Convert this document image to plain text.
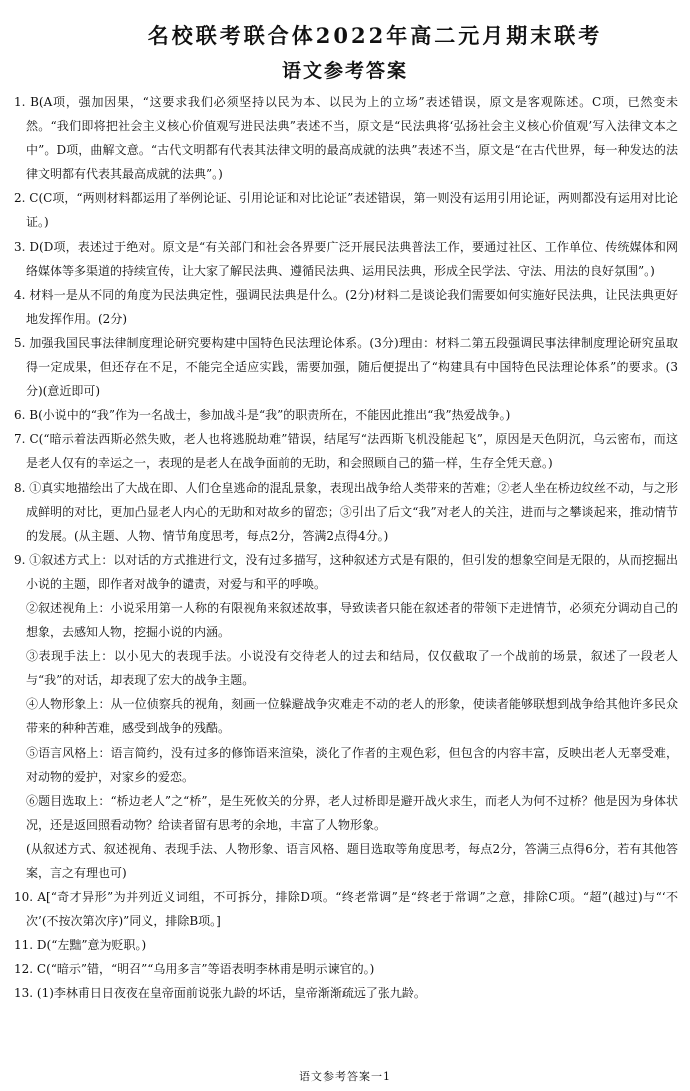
名校联考联合体2022年高二元月期末联考
语文参考答案

1. B(A项，强加因果，“这要求我们必须坚持以民为本、以民为上的立场”表述错误，原文是客观陈述。C项，已然变未然。“我们即将把社会主义核心价值观写进民法典”表述不当，原文是“民法典将‘弘扬社会主义核心价值观’写入法律文本之中”。D项，曲解文意。“古代文明都有代表其法律文明的最高成就的法典”表述不当，原文是“在古代世界，每一种发达的法律文明都有代表其最高成就的法典”。)

2. C(C项，“两则材料都运用了举例论证、引用论证和对比论证”表述错误，第一则没有运用引用论证，两则都没有运用对比论证。)

3. D(D项，表述过于绝对。原文是“有关部门和社会各界要广泛开展民法典普法工作，要通过社区、工作单位、传统媒体和网络媒体等多渠道的持续宣传，让大家了解民法典、遵循民法典、运用民法典，形成全民学法、守法、用法的良好氛围”。)

4. 材料一是从不同的角度为民法典定性，强调民法典是什么。(2分)材料二是谈论我们需要如何实施好民法典，让民法典更好地发挥作用。(2分)

5. 加强我国民事法律制度理论研究要构建中国特色民法理论体系。(3分)理由：材料二第五段强调民事法律制度理论研究虽取得一定成果，但还存在不足，不能完全适应实践，需要加强，随后便提出了“构建具有中国特色民法理论体系”的要求。(3分)(意近即可)

6. B(小说中的“我”作为一名战士，参加战斗是“我”的职责所在，不能因此推出“我”热爱战争。)

7. C(“暗示着法西斯必然失败，老人也将逃脱劫难”错误，结尾写“法西斯飞机没能起飞”，原因是天色阴沉，乌云密布，而这是老人仅有的幸运之一，表现的是老人在战争面前的无助，和会照顾自己的猫一样，生存全凭天意。)

8. ①真实地描绘出了大战在即、人们仓皇逃命的混乱景象，表现出战争给人类带来的苦难；②老人坐在桥边纹丝不动，与之形成鲜明的对比，更加凸显老人内心的无助和对故乡的留恋；③引出了后文“我”对老人的关注，进而与之攀谈起来，推动情节的发展。(从主题、人物、情节角度思考，每点2分，答满2点得4分。)

9. ①叙述方式上：以对话的方式推进行文，没有过多描写，这种叙述方式是有限的，但引发的想象空间是无限的，从而挖掘出小说的主题，即作者对战争的谴责，对爱与和平的呼唤。

②叙述视角上：小说采用第一人称的有限视角来叙述故事，导致读者只能在叙述者的带领下走进情节，必须充分调动自己的想象，去感知人物，挖掘小说的内涵。

③表现手法上：以小见大的表现手法。小说没有交待老人的过去和结局，仅仅截取了一个战前的场景，叙述了一段老人与“我”的对话，却表现了宏大的战争主题。

④人物形象上：从一位侦察兵的视角，刻画一位躲避战争灾难走不动的老人的形象，使读者能够联想到战争给其他许多民众带来的种种苦难，感受到战争的残酷。

⑤语言风格上：语言简约，没有过多的修饰语来渲染，淡化了作者的主观色彩，但包含的内容丰富，反映出老人无辜受难，对动物的爱护，对家乡的爱恋。

⑥题目选取上：“桥边老人”之“桥”，是生死攸关的分界，老人过桥即是避开战火求生，而老人为何不过桥？他是因为身体状况，还是返回照看动物？给读者留有思考的余地，丰富了人物形象。

(从叙述方式、叙述视角、表现手法、人物形象、语言风格、题目选取等角度思考，每点2分，答满三点得6分，若有其他答案，言之有理也可)

10. A[“奇才异形”为并列近义词组，不可拆分，排除D项。“终老常调”是“终老于常调”之意，排除C项。“超”(越过)与“‘不次’(不按次第次序)”同义，排除B项。]

11. D(“左黜”意为贬职。)

12. C(“暗示”错，“明召”“乌用多言”等语表明李林甫是明示谏官的。)

13. (1)李林甫日日夜夜在皇帝面前说张九龄的坏话，皇帝渐渐疏远了张九龄。

语文参考答案一1
